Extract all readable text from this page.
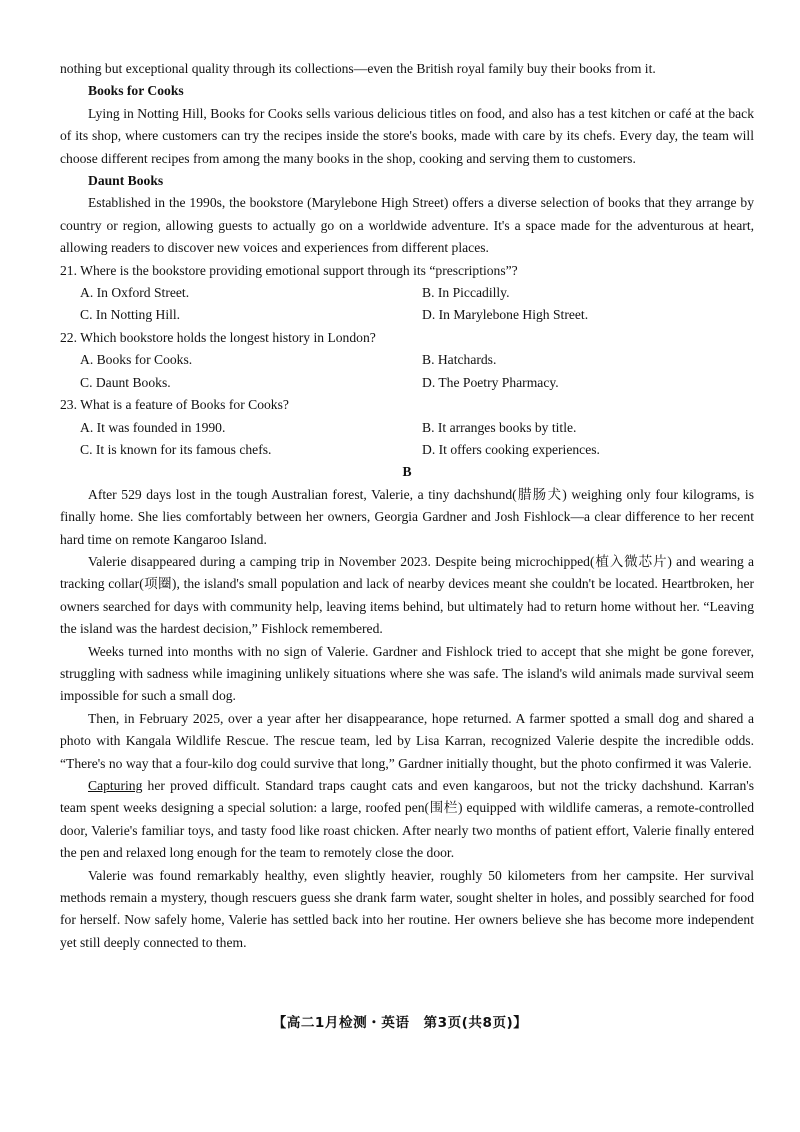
nothing but exceptional quality through its collections—even the British royal family buy their books from it.

Books for Cooks

Lying in Notting Hill, Books for Cooks sells various delicious titles on food, and also has a test kitchen or café at the back of its shop, where customers can try the recipes inside the store's books, made with care by its chefs. Every day, the team will choose different recipes from among the many books in the shop, cooking and serving them to customers.

Daunt Books

Established in the 1990s, the bookstore (Marylebone High Street) offers a diverse selection of books that they arrange by country or region, allowing guests to actually go on a worldwide adventure. It's a space made for the adventurous at heart, allowing readers to discover new voices and experiences from different places.

21. Where is the bookstore providing emotional support through its “prescriptions”?

A. In Oxford Street.	B. In Piccadilly.
C. In Notting Hill.	D. In Marylebone High Street.

22. Which bookstore holds the longest history in London?

A. Books for Cooks.	B. Hatchards.
C. Daunt Books.	D. The Poetry Pharmacy.

23. What is a feature of Books for Cooks?

A. It was founded in 1990.	B. It arranges books by title.
C. It is known for its famous chefs.	D. It offers cooking experiences.

B

After 529 days lost in the tough Australian forest, Valerie, a tiny dachshund(腊肠犬) weighing only four kilograms, is finally home. She lies comfortably between her owners, Georgia Gardner and Josh Fishlock—a clear difference to her recent hard time on remote Kangaroo Island.

Valerie disappeared during a camping trip in November 2023. Despite being microchipped(植入微芯片) and wearing a tracking collar(项圈), the island's small population and lack of nearby devices meant she couldn't be located. Heartbroken, her owners searched for days with community help, leaving items behind, but ultimately had to return home without her. “Leaving the island was the hardest decision,” Fishlock remembered.

Weeks turned into months with no sign of Valerie. Gardner and Fishlock tried to accept that she might be gone forever, struggling with sadness while imagining unlikely situations where she was safe. The island's wild animals made survival seem impossible for such a small dog.

Then, in February 2025, over a year after her disappearance, hope returned. A farmer spotted a small dog and shared a photo with Kangala Wildlife Rescue. The rescue team, led by Lisa Karran, recognized Valerie despite the incredible odds. “There's no way that a four-kilo dog could survive that long,” Gardner initially thought, but the photo confirmed it was Valerie.

Capturing her proved difficult. Standard traps caught cats and even kangaroos, but not the tricky dachshund. Karran's team spent weeks designing a special solution: a large, roofed pen(围栏) equipped with wildlife cameras, a remote-controlled door, Valerie's familiar toys, and tasty food like roast chicken. After nearly two months of patient effort, Valerie finally entered the pen and relaxed long enough for the team to remotely close the door.

Valerie was found remarkably healthy, even slightly heavier, roughly 50 kilometers from her campsite. Her survival methods remain a mystery, though rescuers guess she drank farm water, sought shelter in holes, and possibly searched for food for herself. Now safely home, Valerie has settled back into her routine. Her owners believe she has become more independent yet still deeply connected to them.

【高二1月检测・英语　第3页(共8页)】
